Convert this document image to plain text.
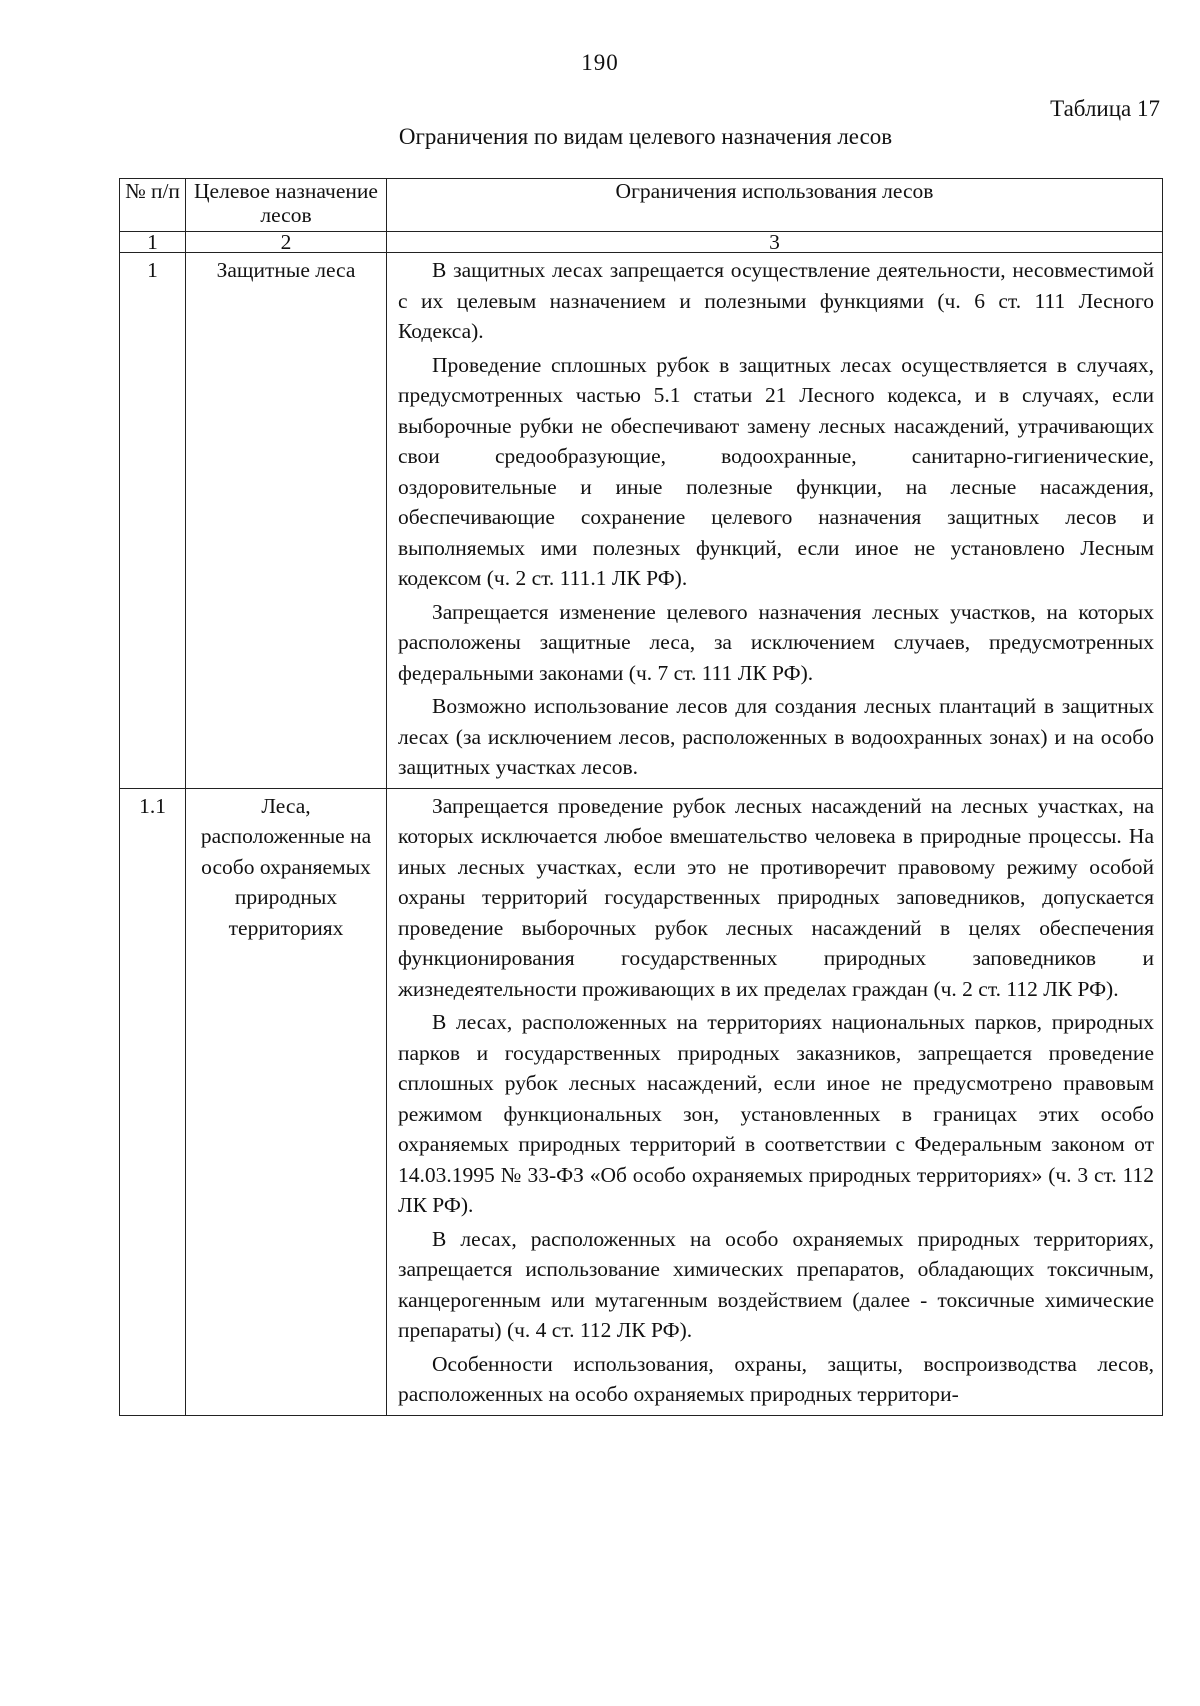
190
Таблица 17
Ограничения по видам целевого назначения лесов
№ п/п	Целевое назначение лесов	Ограничения использования лесов
1	2	3
1	Защитные леса	В защитных лесах запрещается осуществление деятельности, несовместимой с их целевым назначением и полезными функциями (ч. 6 ст. 111 Лесного Кодекса).

Проведение сплошных рубок в защитных лесах осуществляется в случаях, предусмотренных частью 5.1 статьи 21 Лесного кодекса, и в случаях, если выборочные рубки не обеспечивают замену лесных насаждений, утрачивающих свои средообразующие, водоохранные, санитарно-гигиенические, оздоровительные и иные полезные функции, на лесные насаждения, обеспечивающие сохранение целевого назначения защитных лесов и выполняемых ими полезных функций, если иное не установлено Лесным кодексом (ч. 2 ст. 111.1 ЛК РФ).

Запрещается изменение целевого назначения лесных участков, на которых расположены защитные леса, за исключением случаев, предусмотренных федеральными законами (ч. 7 ст. 111 ЛК РФ).

Возможно использование лесов для создания лесных плантаций в защитных лесах (за исключением лесов, расположенных в водоохранных зонах) и на особо защитных участках лесов.

1.1	Леса, расположенные на особо охраняемых природных территориях	Запрещается проведение рубок лесных насаждений на лесных участках, на которых исключается любое вмешательство человека в природные процессы. На иных лесных участках, если это не противоречит правовому режиму особой охраны территорий государственных природных заповедников, допускается проведение выборочных рубок лесных насаждений в целях обеспечения функционирования государственных природных заповедников и жизнедеятельности проживающих в их пределах граждан (ч. 2 ст. 112 ЛК РФ).

В лесах, расположенных на территориях национальных парков, природных парков и государственных природных заказников, запрещается проведение сплошных рубок лесных насаждений, если иное не предусмотрено правовым режимом функциональных зон, установленных в границах этих особо охраняемых природных территорий в соответствии с Федеральным законом от 14.03.1995 № 33-ФЗ «Об особо охраняемых природных территориях» (ч. 3 ст. 112 ЛК РФ).

В лесах, расположенных на особо охраняемых природных территориях, запрещается использование химических препаратов, обладающих токсичным, канцерогенным или мутагенным воздействием (далее - токсичные химические препараты) (ч. 4 ст. 112 ЛК РФ).

Особенности использования, охраны, защиты, воспроизводства лесов, расположенных на особо охраняемых природных территори-
